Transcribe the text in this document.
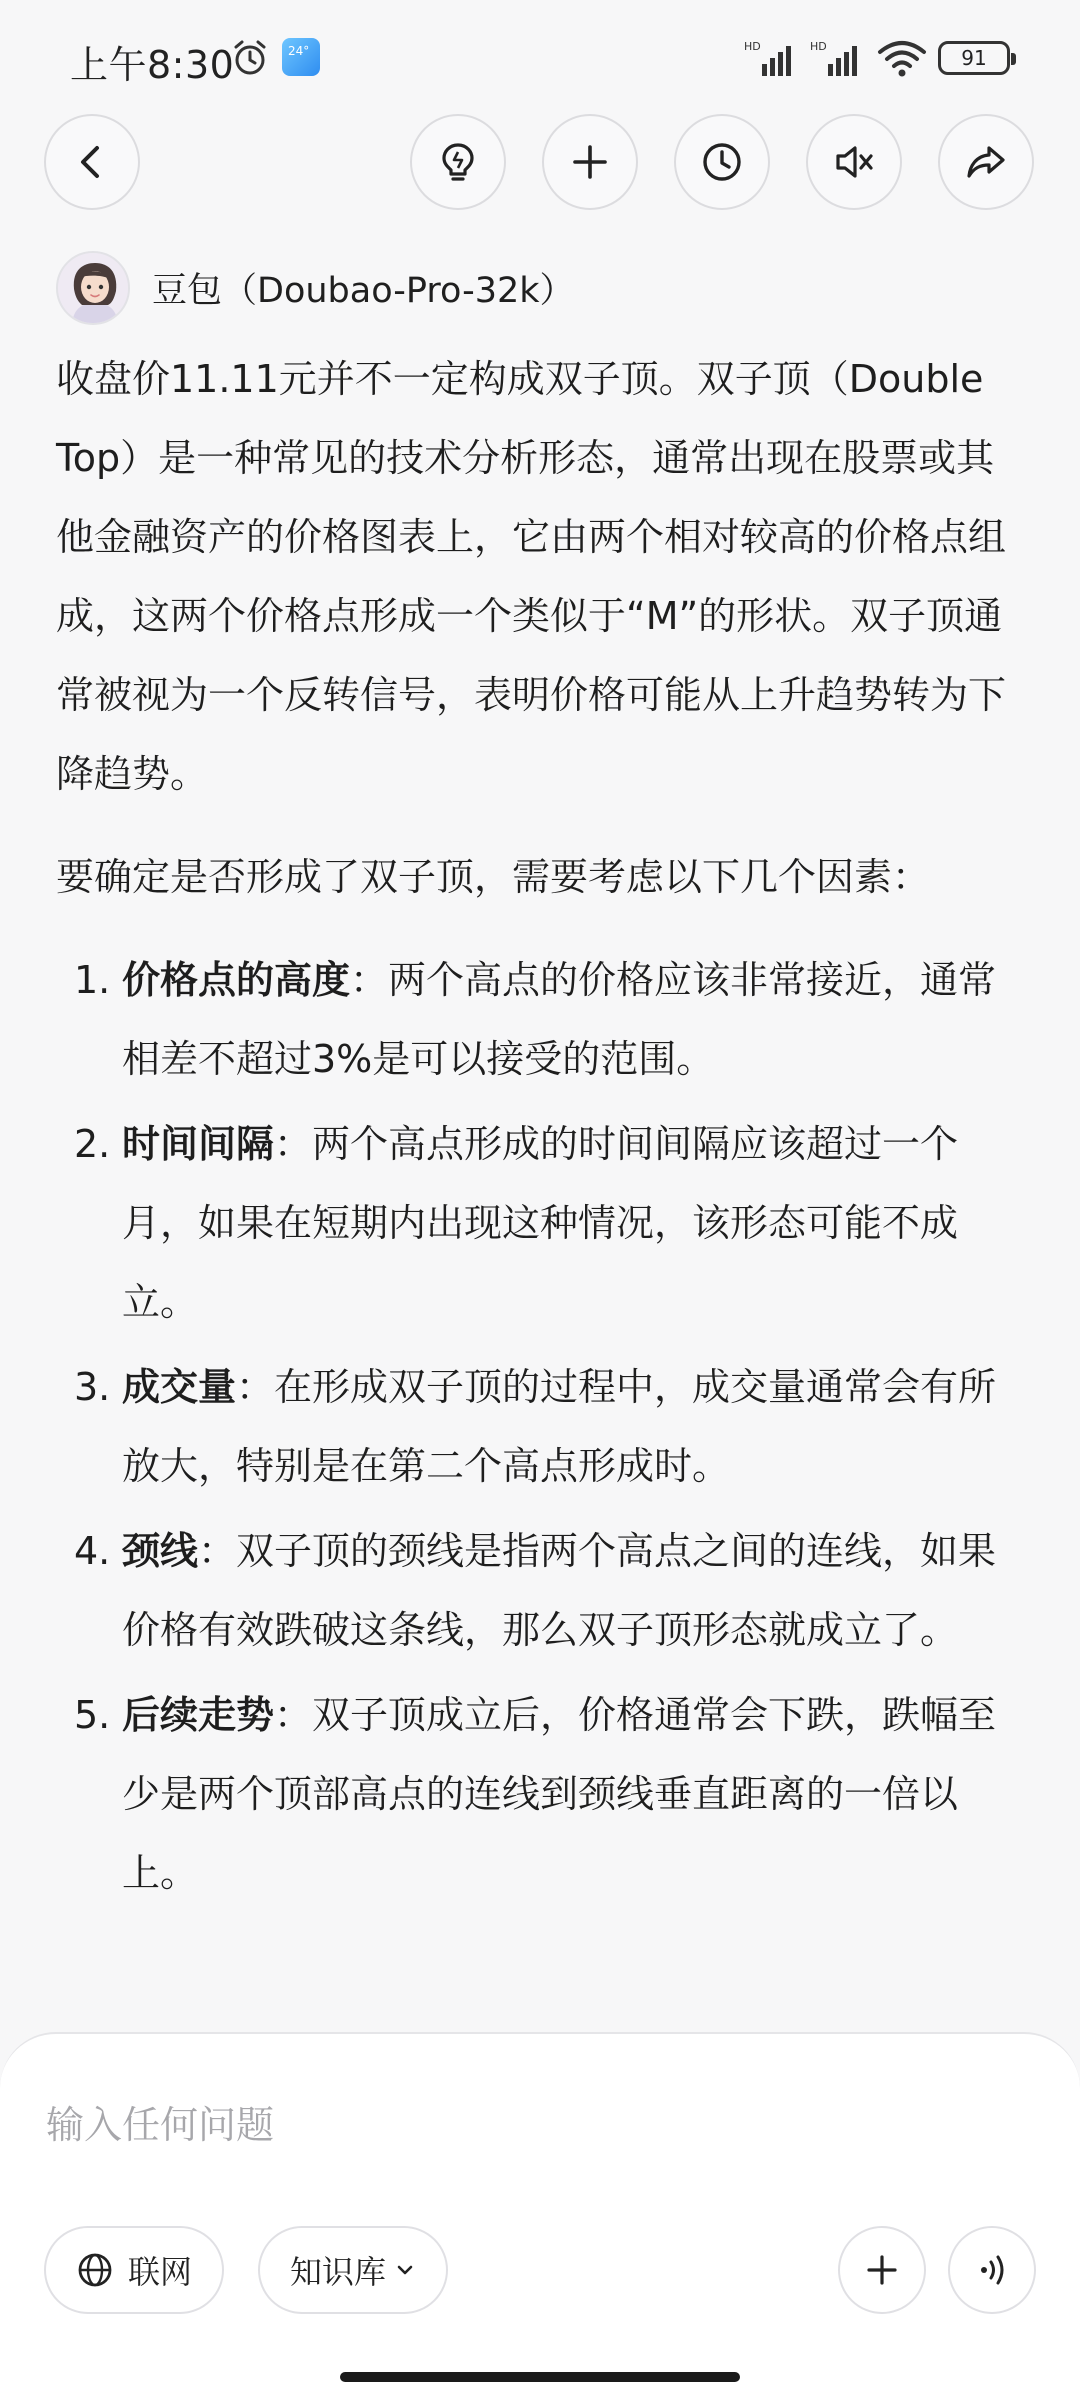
上午8:30	24°	HD	HD	91
豆包（Doubao-Pro-32k）

收盘价11.11元并不一定构成双子顶。双子顶（Double Top）是一种常见的技术分析形态，通常出现在股票或其他金融资产的价格图表上，它由两个相对较高的价格点组成，这两个价格点形成一个类似于“M”的形状。双子顶通常被视为一个反转信号，表明价格可能从上升趋势转为下降趋势。

要确定是否形成了双子顶，需要考虑以下几个因素：

1. 价格点的高度：两个高点的价格应该非常接近，通常相差不超过3%是可以接受的范围。
2. 时间间隔：两个高点形成的时间间隔应该超过一个月，如果在短期内出现这种情况，该形态可能不成立。
3. 成交量：在形成双子顶的过程中，成交量通常会有所放大，特别是在第二个高点形成时。
4. 颈线：双子顶的颈线是指两个高点之间的连线，如果价格有效跌破这条线，那么双子顶形态就成立了。
5. 后续走势：双子顶成立后，价格通常会下跌，跌幅至少是两个顶部高点的连线到颈线垂直距离的一倍以上。
输入任何问题
联网	知识库
